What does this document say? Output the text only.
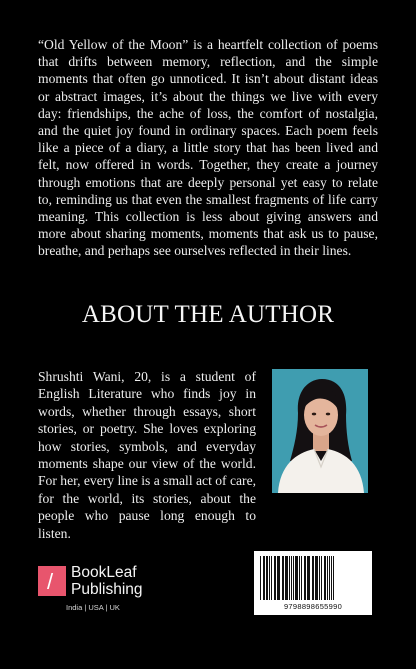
“Old Yellow of the Moon” is a heartfelt collection of poems that drifts between memory, reflection, and the simple moments that often go unnoticed. It isn’t about distant ideas or abstract images, it’s about the things we live with every day: friendships, the ache of loss, the comfort of nostalgia, and the quiet joy found in ordinary spaces. Each poem feels like a piece of a diary, a little story that has been lived and felt, now offered in words. Together, they create a journey through emotions that are deeply personal yet easy to relate to, reminding us that even the smallest fragments of life carry meaning. This collection is less about giving answers and more about sharing moments, moments that ask us to pause, breathe, and perhaps see ourselves reflected in their lines.

ABOUT THE AUTHOR

Shrushti Wani, 20, is a student of English Literature who finds joy in words, whether through essays, short stories, or poetry. She loves exploring how stories, symbols, and everyday moments shape our view of the world. For her, every line is a small act of care, for the world, its stories, about the people who pause long enough to listen.

/ BookLeaf
Publishing
India | USA | UK	9798898655990
